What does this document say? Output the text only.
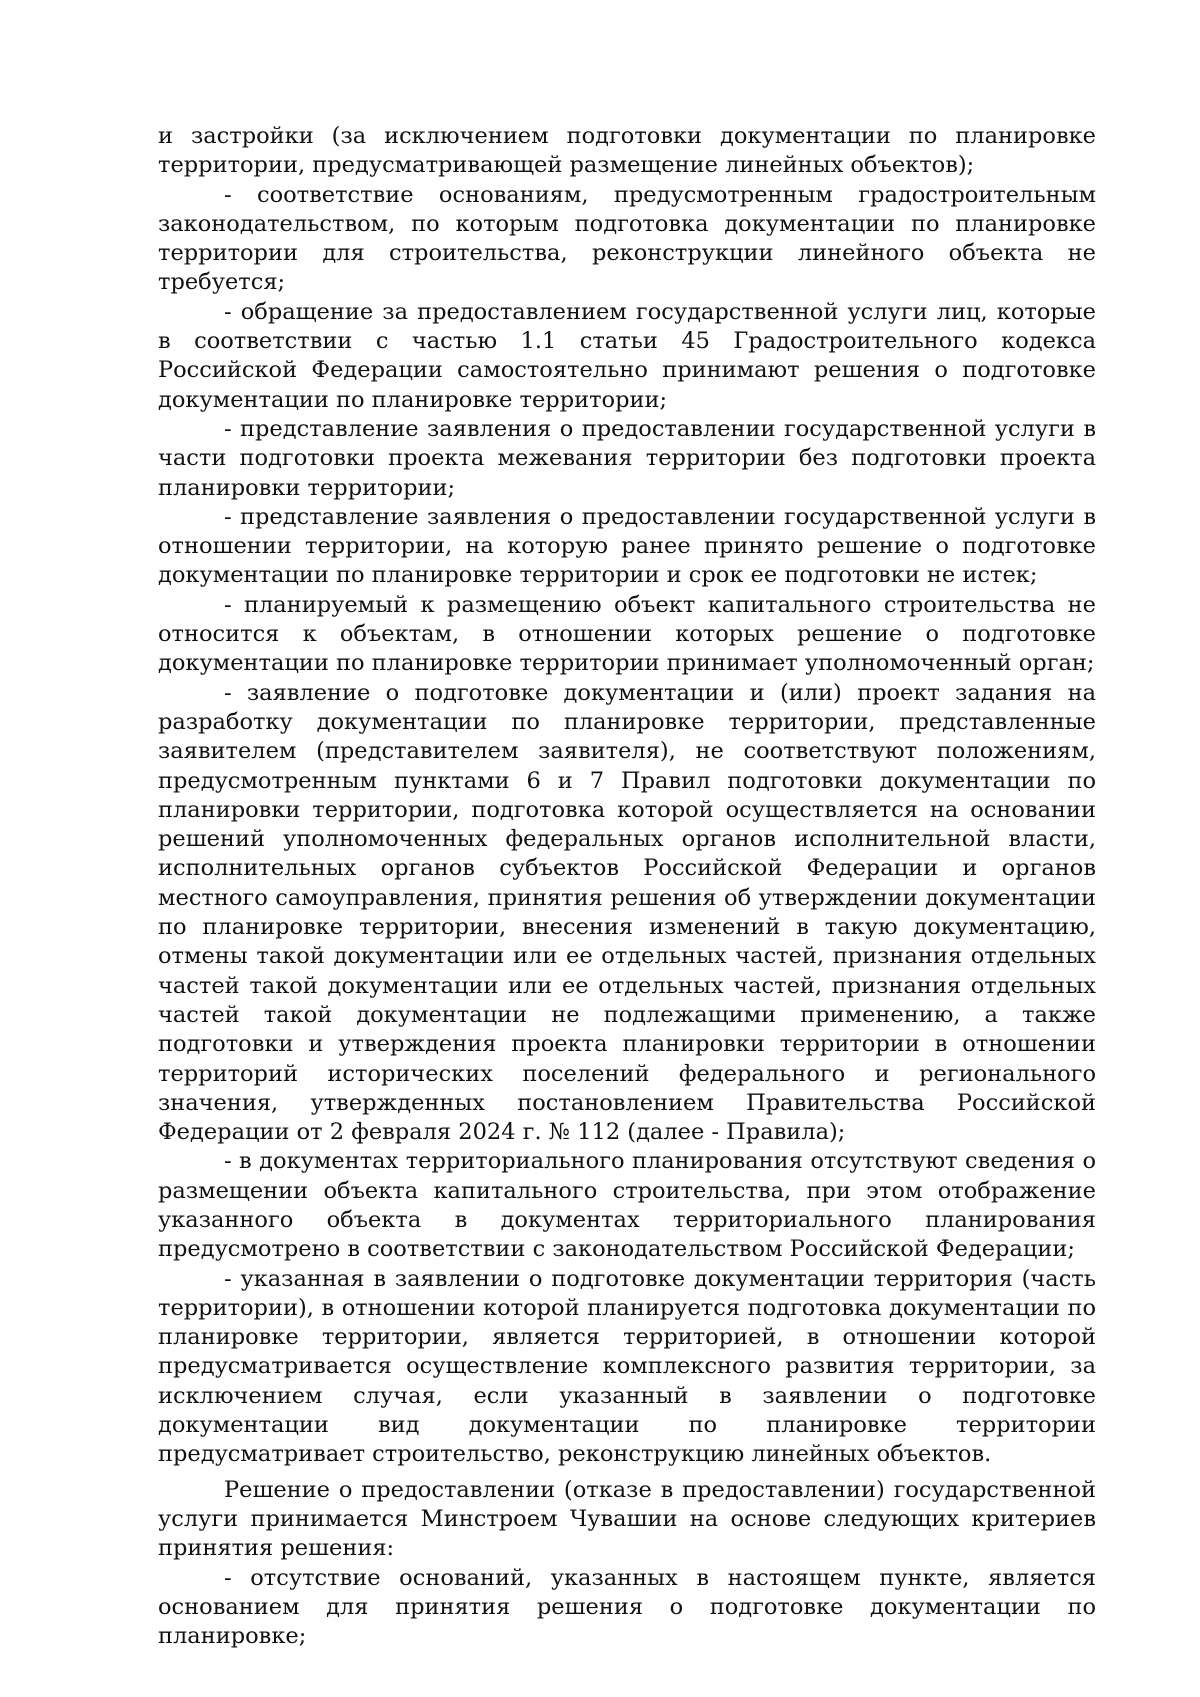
и застройки (за исключением подготовки документации по планировке территории, предусматривающей размещение линейных объектов);

- соответствие основаниям, предусмотренным градостроительным законодательством, по которым подготовка документации по планировке территории для строительства, реконструкции линейного объекта не требуется;

- обращение за предоставлением государственной услуги лиц, которые в соответствии с частью 1.1 статьи 45 Градостроительного кодекса Российской Федерации самостоятельно принимают решения о подготовке документации по планировке территории;

- представление заявления о предоставлении государственной услуги в части подготовки проекта межевания территории без подготовки проекта планировки территории;

- представление заявления о предоставлении государственной услуги в отношении территории, на которую ранее принято решение о подготовке документации по планировке территории и срок ее подготовки не истек;

- планируемый к размещению объект капитального строительства не относится к объектам, в отношении которых решение о подготовке документации по планировке территории принимает уполномоченный орган;

- заявление о подготовке документации и (или) проект задания на разработку документации по планировке территории, представленные заявителем (представителем заявителя), не соответствуют положениям, предусмотренным пунктами 6 и 7 Правил подготовки документации по планировки территории, подготовка которой осуществляется на основании решений уполномоченных федеральных органов исполнительной власти, исполнительных органов субъектов Российской Федерации и органов местного самоуправления, принятия решения об утверждении документации по планировке территории, внесения изменений в такую документацию, отмены такой документации или ее отдельных частей, признания отдельных частей такой документации или ее отдельных частей, признания отдельных частей такой документации не подлежащими применению, а также подготовки и утверждения проекта планировки территории в отношении территорий исторических поселений федерального и регионального значения, утвержденных постановлением Правительства Российской Федерации от 2 февраля 2024 г. № 112 (далее - Правила);

- в документах территориального планирования отсутствуют сведения о размещении объекта капитального строительства, при этом отображение указанного объекта в документах территориального планирования предусмотрено в соответствии с законодательством Российской Федерации;

- указанная в заявлении о подготовке документации территория (часть территории), в отношении которой планируется подготовка документации по планировке территории, является территорией, в отношении которой предусматривается осуществление комплексного развития территории, за исключением случая, если указанный в заявлении о подготовке документации вид документации по планировке территории предусматривает строительство, реконструкцию линейных объектов.

Решение о предоставлении (отказе в предоставлении) государственной услуги принимается Минстроем Чувашии на основе следующих критериев принятия решения:

- отсутствие оснований, указанных в настоящем пункте, является основанием для принятия решения о подготовке документации по планировке;
